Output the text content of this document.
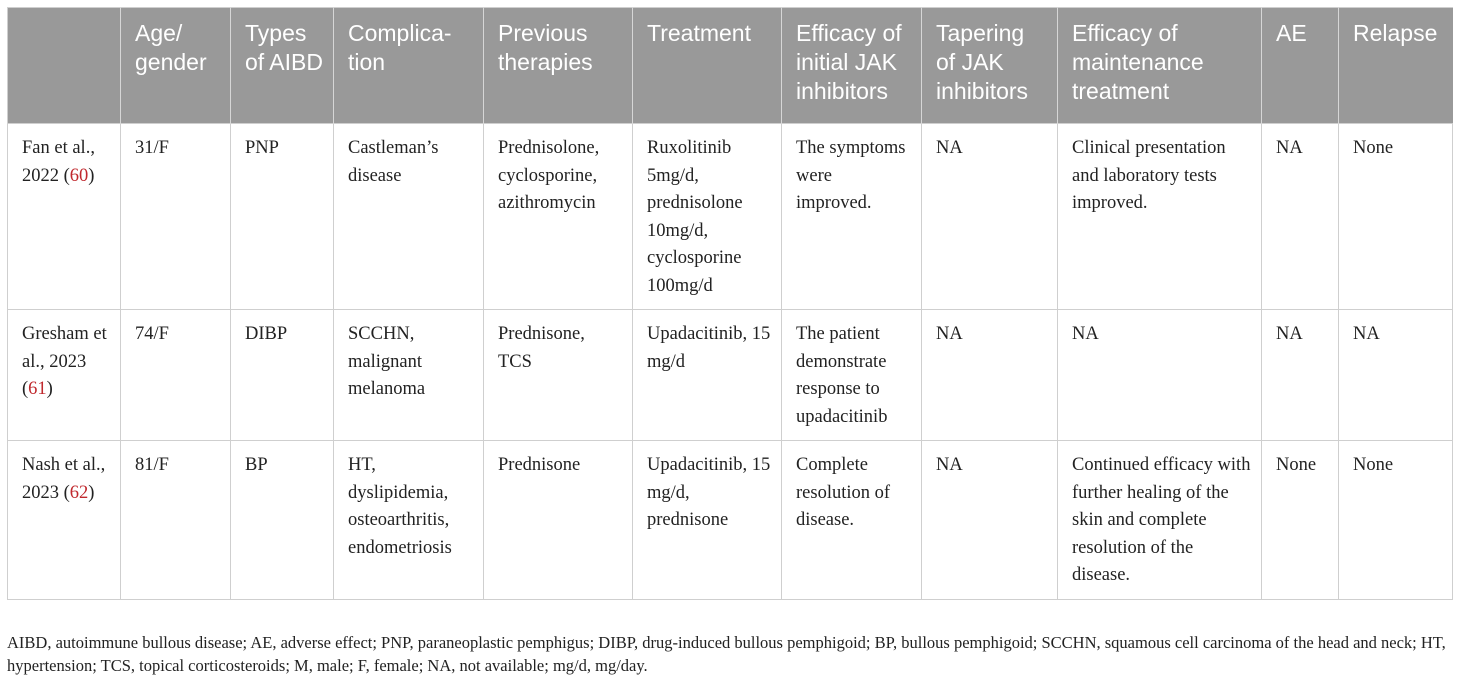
	Age/ gender	Types of AIBD	Complica- tion	Previous therapies	Treatment	Efficacy of initial JAK inhibitors	Tapering of JAK inhibitors	Efficacy of maintenance treatment	AE	Relapse
Fan et al., 2022 (60)	31/F	PNP	Castleman’s disease	Prednisolone, cyclosporine, azithromycin	Ruxolitinib 5mg/d, prednisolone 10mg/d, cyclosporine 100mg/d	The symptoms were improved.	NA	Clinical presentation and laboratory tests improved.	NA	None
Gresham et al., 2023 (61)	74/F	DIBP	SCCHN, malignant melanoma	Prednisone, TCS	Upadacitinib, 15 mg/d	The patient demonstrate response to upadacitinib	NA	NA	NA	NA
Nash et al., 2023 (62)	81/F	BP	HT, dyslipidemia, osteoarthritis, endometriosis	Prednisone	Upadacitinib, 15 mg/d, prednisone	Complete resolution of disease.	NA	Continued efficacy with further healing of the skin and complete resolution of the disease.	None	None
AIBD, autoimmune bullous disease; AE, adverse effect; PNP, paraneoplastic pemphigus; DIBP, drug-induced bullous pemphigoid; BP, bullous pemphigoid; SCCHN, squamous cell carcinoma of the head and neck; HT, hypertension; TCS, topical corticosteroids; M, male; F, female; NA, not available; mg/d, mg/day.
